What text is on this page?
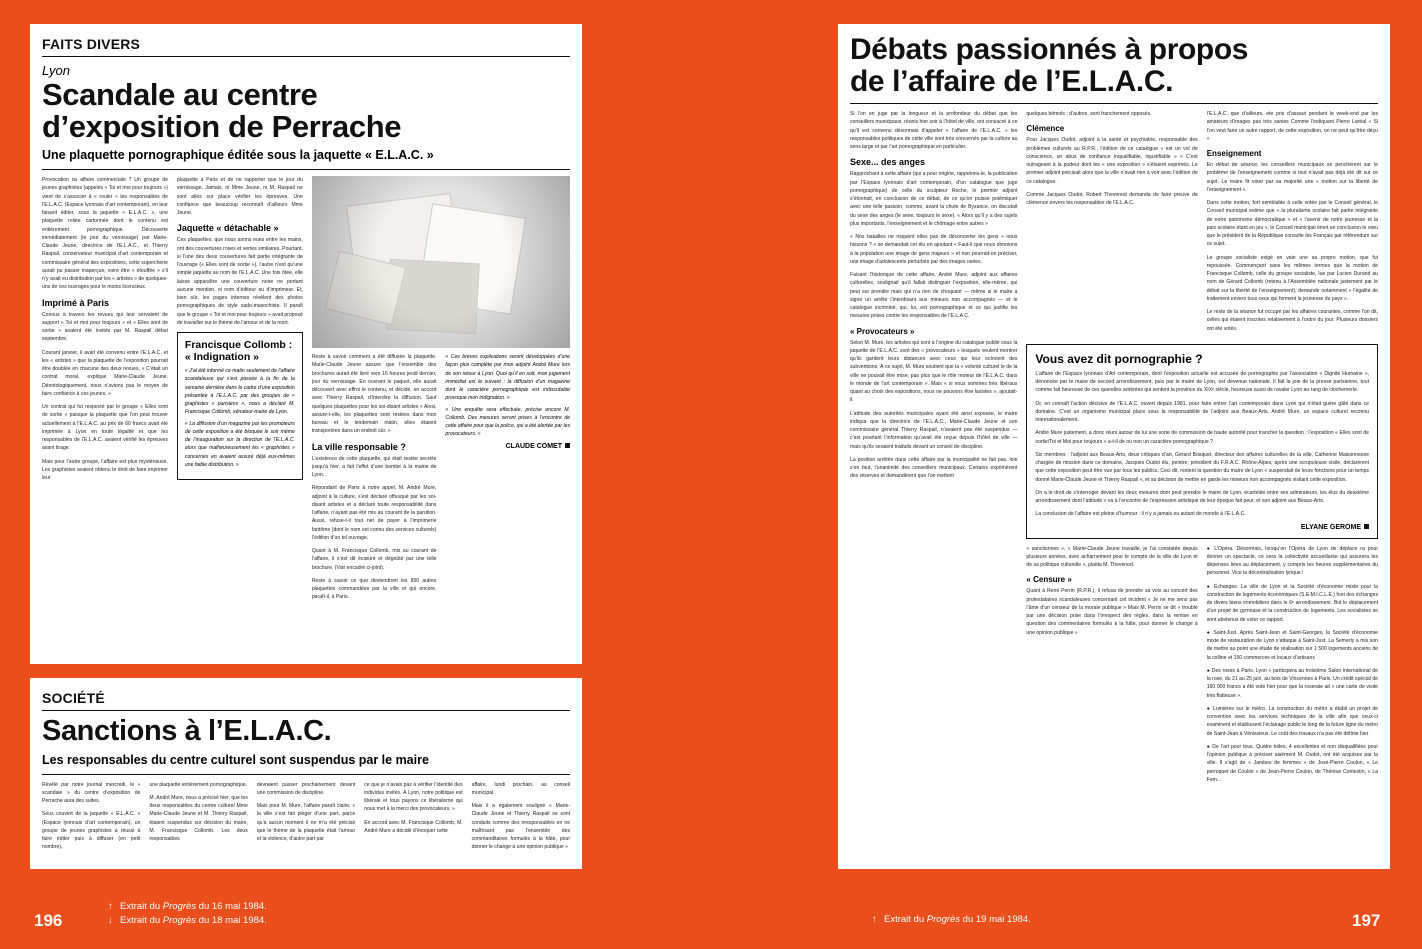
FAITS DIVERS
Lyon
Scandale au centre
d’exposition de Perrache
Une plaquette pornographique éditée sous la jaquette « E.L.A.C. »

Provocation ou affaire commerciale ? Un groupe de jeunes graphistes (appelés « Toi et moi pour toujours ») vient de s’associer à « rouler » les responsables de l’E.L.A.C. (Espace lyonnais d’art contemporain), en leur faisant éditer, sous la jaquette « E.L.A.C. », une plaquette reliée cartonnée dont le contenu est entièrement pornographique. Découverte immédiatement (le jour du vernissage) par Marie-Claude Jeune, directrice de l’E.L.A.C., et Thierry Raspail, conservateur municipal d’art contemporain et commissaire général des expositions, cette supercherie aurait pu passer inaperçue, voire être « étouffée » s’il n’y avait eu distribution par les « artistes » de quelques-uns de ces ouvrages pour le moins licencieux.

Imprimé à Paris

Connus à travers les revues qui leur servaient de support « Toi et moi pour toujours » et « Elles sont de sortie » avaient été invités par M. Raspail début septembre.

Courant janvier, il avait été convenu entre l’E.L.A.C. et les « artistes » que la plaquette de l’exposition pourrait être doublée en chacune des deux revues, « C’était un contrat moral, explique Marie-Claude Jeune. Déontologiquement, nous n’avions pas le moyen de faire confiance à ces jeunes. »

Un contrat qui fut respecté par le groupe « Elles sont de sortie » puisque la plaquette que l’on peut trouver actuellement à l’E.L.A.C. au prix de 60 francs avait été imprimée à Lyon en toute légalité et que les responsables de l’E.L.A.C. avaient vérifié les épreuves avant tirage.

Mais pour l’autre groupe, l’affaire est plus mystérieuse. Les graphistes avaient obtenu le droit de faire imprimer leur

plaquette à Paris et de ne rapporter que le jour du vernissage. Jamais, ni Mme Jeune, ni M. Raspail ne sont allés sur place vérifier les épreuves. Une confiance que beaucoup reconnaît d’ailleurs Mme Jeune.

Jaquette « détachable »

Ces plaquettes, que nous avons eues entre les mains, ont des couvertures roses et vertes similaires. Pourtant, si l’une des deux couvertures fait partie intégrante de l’ouvrage (« Elles sont de sortie »), l’autre n’est qu’une simple jaquette au nom de l’E.L.A.C. Une fois ôtée, elle laisse apparaître une couverture noire ne portant aucune mention, ni nom d’éditeur ou d’imprimeur. Et, bien sûr, les pages internes révèlent des photos pornographiques de style sado-masochiste. Il paraît que le groupe « Toi et moi pour toujours » avait proposé de travailler sur le thème de l’amour et de la mort.

Francisque Collomb : « Indignation »

« J’ai été informé ce matin seulement de l’affaire scandaleuse qui s’est passée à la fin de la semaine dernière dans le cadre d’une exposition présentée à l’E.L.A.C. par des groupes de « graphistes » parisiens », nous a déclaré M. Francisque Collomb, sénateur-maire de Lyon.

« La diffusion d’un magazine par les promoteurs de cette exposition a été bloquée le soir même de l’inauguration sur la direction de l’E.L.A.C. alors que malheureusement les « graphistes » concernés en avaient assuré déjà eux-mêmes une faible distribution. »

Reste à savoir comment a été diffusée la plaquette. Marie-Claude Jeune assure que l’ensemble des brochures aurait été livré vers 16 heures jeudi dernier, jour du vernissage. En ouvrant le paquet, elle aurait découvert avec effroi le contenu, et décidé, en accord avec Thierry Raspail, d’interdire la diffusion. Sauf quelques plaquettes pour les soi-disant artistes « Ainsi, assure-t-elle, les plaquettes sont restées dans mon bureau et le lendemain matin, elles étaient transportées dans un endroit sûr. »

La ville responsable ?

L’existence de cette plaquette, qui était restée secrète jusqu’à hier, a fait l’effet d’une bombe à la mairie de Lyon.

Répondant de Paris à notre appel, M. André Mure, adjoint à la culture, s’est déclaré offusqué par les soi-disant artistes et a déclaré toute responsabilité dans l’affaire, n’ayant pas été mis au courant de la parution. Aussi, refuse-t-il tout net de payer à l’imprimerie fantôme (dont le nom est connu des services culturels) l’édition d’un tel ouvrage.

Quant à M. Francisque Collomb, mis au courant de l’affaire, il s’est dit écœuré et dégoûté par une telle brochure. (Voir encadré ci-joint).

Reste à savoir ce que deviendront les 850 autres plaquettes commandées par la ville et qui encore, paraît-il, à Paris.

« Ces brèves explications seront développées d’une façon plus complète par mon adjoint André Mure lors de son retour à Lyon. Quoi qu’il en soit, mon jugement immédiat est le suivant : la diffusion d’un magazine dont le caractère pornographique est indiscutable provoque mon indignation. »

« Une enquête sera effectuée, précise encore M. Collomb. Des mesures seront prises à l’encontre de cette affaire pour que la police, qui a été alertée par les provocateurs. »

CLAUDE COMET
SOCIÉTÉ
Sanctions à l’E.L.A.C.
Les responsables du centre culturel sont suspendus par le maire

Révélé par notre journal mercredi, le « scandale » du centre d’exposition de Perrache aura des suites.

Sous couvert de la jaquette « E.L.A.C. » (Espace lyonnais d’art contemporain), un groupe de jeunes graphistes a réussi à faire éditer puis à diffuser (en petit nombre),

une plaquette entièrement pornographique.

M. André Mure, nous a précisé hier, que les deux responsables du centre culturel Mme Marie-Claude Jeune et M. Thierry Raspail, étaient suspendus sur décision du maire, M. Francisque Collomb. Les deux responsables

devraient passer prochainement devant une commission de discipline.

Mais pour M. Mure, l’affaire paraît claire, « la ville s’est fait piéger d’une part, parce qu’à aucun moment il ne m’a été précisé que le thème de la plaquette était l’amour et la violence, d’autre part par

ce que je n’avais pas à vérifier l’identité des individus invités. À Lyon, notre politique est libérale et tous payons ce libéralisme qui nous met à la merci des provocateurs. »

En accord avec M. Francisque Collomb, M. André Mure a décidé d’évoquer cette

affaire, lundi prochain, au conseil municipal.

Mais il a également souligné « Marie-Claude Jeune et Thierry Raspail se sont conduits comme des irresponsables en ne maîtrisant pas l’ensemble des commanditaires formulés à la hâte, pour donner le change à une opinion publique »

Débats passionnés à propos
de l’affaire de l’E.L.A.C.

Si l’on en juge par la longueur et la profondeur du débat que les conseillers municipaux, réunis hier soir à l’hôtel de ville, ont consacré à ce qu’il est convenu désormais d’appeler « l’affaire de l’E.L.A.C. » les responsables politiques de cette ville sont très concernés par la culture au sens large et par l’art pornographique en particulier.

Sexe... des anges

Rapprochant à cette affaire (qui a pour origine, rappelons-le, la publication par l’Espace lyonnais d’art contemporain, d’un catalogue que juge pornographique) de celle du sculpteur Roche, le premier adjoint s’étonnait, en conclusion de ce débat, de ce qu’on puisse polémiquer avec une telle passion, comme, avant la chute de Byzance, on discutait du sexe des anges (le sexe, toujours le sexe). « Alors qu’il y a des sujets plus importants, l’enseignement et le chômage entre autres »

« Nos batailles ne risquent elles pas de déconcerter les gens » nous hissons ? « se demandait cet élu en ajoutant « Faut-il que nous donnions à la population une image de gens majeurs » et non pourrait-on préciser, une image d’adolescents perturbés par des images osées.

Faisant l’historique de cette affaire, André Mure, adjoint aux affaires culturelles, soulignait qu’il fallait distinguer l’exposition, elle-même, qui peut sur prendre mais qui n’a rien de choquant — même si le maire a signé un arrêté l’interdisant aux mineurs non accompagnés — et le catalogue incriminé, qui, lui, est pornographique et ce qui justifie les mesures prises contre les responsables de l’E.L.A.C.

« Provocateurs »

Selon M. Mure, les artistes qui sont à l’origine du catalogue publié sous la jaquette de l’E.L.A.C. sont des « provocateurs » lesquels veulent montrer qu’ils gardent leurs distances avec ceux qui leur octroient des subventions. À ce sujet, M. Mure soutient que la « volonté culturel le de la ville ne pouvait être mise, pas plus que le rôle moteur de l’E.L.A.C. dans le monde de l’art contemporain ». Mais « si nous sommes très libéraux quant au choix des expositions, nous ne pouvons être laxistes », ajoutait-il.

L’attitude des autorités municipales ayant été ainsi exposée, le maire indiqua que la directrice de l’E.L.A.C., Marie-Claude Jeune et son commissaire général Thierry Raspail, n’avaient pas été suspendus — c’est pourtant l’information qu’avait été reçue depuis l’hôtel de ville — mais qu’ils seraient traduits devant un conseil de discipline.

La position arrêtée dans cette affaire par la municipalité ne fait pas, loin s’en faut, l’unanimité des conseillers municipaux. Certains exprimèrent des réserves et demandèrent que l’on mettent

quelques bémols : d’autres, sont franchement opposés.

Clémence

Pour Jacques Oudot, adjoint à la santé et psychiatrie, responsable des problèmes culturels au R.P.R., l’édition de ce catalogue « est un vol de conscience, un abus de confiance inqualifiable, injustifiable » « C’est outrageant à la pudeur dont les « une exposition » s’étaient exprimés. Le premier adjoint précisait alors que la ville n’avait rien à voir avec l’édition de ce catalogue.

Comme Jacques Oudot, Robert Thevenod demanda de faire preuve de clémence envers les responsables de l’E.L.A.C.

l’E.L.A.C. que d’ailleurs, ete pris d’assaut pendant le week-end par les amateurs d’images pas très sanies Comme l’indiquant Pierre Laréal « Si l’on veut faire un autre rapport, de cette exposition, on ne peut qu’être déçu »

Enseignement

En début de séance, les conseillers municipaux se penchèrent sur le problème de l’enseignement comme si tout n’avait pas déjà été dit sur ce sujet. Le maire fit voter par sa majorité une « motion sur la liberté de l’enseignement ».

Dans cette motion, fort semblable à celle votée par le Conseil général, le Conseil municipal estime que « la pluralisme scolaire fait partie intégrante de notre patrimoine démocratique » et « l’avenir de notre jeunesse et la paix scolaire étant en jeu », le Conseil municipal émet en conclusion le vœu que le président de la République consulte les Français par référendum sur ce sujet.

Le groupe socialiste exigé en vain une sa propre motion, que fut repoussée. Commençant sans les mêmes termes que la motion de Francisque Collomb, celle du groupe socialiste, lue par Lucien Durand au nom de Gérard Collomb (retenu à l’Assemblée nationale justement par le débat sur la liberté de l’enseignement), demande notamment « l’égalité de traitement envers tous ceux qui forment la jeunesse du pays ».

Le reste de la séance fut occupé par les affaires courantes, comme l’on dit, celles qui étaient inscrites relativement à l’ordre du jour. Plusieurs dossiers ont été votés.

Vous avez dit pornographie ?

L’affaire de l’Espace lyonnais d’Art contemporain, dont l’exposition actuelle est accusée de pornographie par l’association « Dignité Humaine », dénoncée par le maire de second arrondissement, puis par le maire de Lyon, est devenue nationale. Il fait la joie de la presse parisienne, tout comme fait heureuse de ces querelles arriérées qui sentent la province du XIXᵉ siècle, heureuse aussi de ravaler Lyon au rang de clochemerle.

Or, en connaît l’action décisive de l’E.L.A.C. ouvert depuis 1981, pour faire entrer l’art contemporain dans Lyon qui n’était guère gâté dans ce domaine. C’est un organisme municipal place sous la responsabilité de l’adjoint aux Beaux-Arts, André Mure, un espace culturel reconnu internationalement.

André Mure justement, a donc réuni autour de lui une sorte de commission de haute autorité pour trancher la question : l’exposition « Elles sont de sortie/Toi et Moi pour toujours » a-t-il de ou non un caractère pornographique ?

Six membres : l’adjoint aux Beaux-Arts, deux critiques d’art, Gérard Bosquet, directeur des affaires culturelles de la ville, Catherine Maisonneuve chargée de mission dans ce domaine, Jacques Oudot élu, peintre, président du F.R.A.C. Rhône-Alpes, après une scrupuleuse visite, déclarèrent que cette exposition peut être vue par tous les publics. Ceci dit, restent la question du maire de Lyon « suspendait de leurs fonctions pour un temps donné Marie-Claude Jeune et Thierry Raspail », et sa décision de mettre en garde les mineurs non accompagnés visitant cette exposition.

On a le droit de s’interroger devant les deux mesures dont peut prendre le maire de Lyon, écartelée entre ses admirateurs, les élus du deuxième arrondissement dont l’attitude « va à l’encontre de l’expression artistique de leur époque fait peur, et son adjoint aux Beaux-Arts.

La conclusion de l’affaire est pleine d’humour : il n’y a jamais eu autant de monde à l’E.L.A.C.

ELYANE GEROME

« sanctionnes », « Marie-Claude Jeune travaille, je l’ai constatée depuis plusieurs années, avec acharnement pour le compte de la ville de Lyon et de sa politique culturelle », plaida M. Thevenod.

« Censure »

Quant à René Perrin (R.P.R.), il refusa de prendre sa voix au concert des protestataires scandaleuses concernant cet incident « Je ne me sens pas l’âme d’un censeur de la morale publique » Mais M. Perrin se dit « troublé par une décision prise dans l’irrespect des règles, dans la remise en question des commentaires formulés à la hâte, pour donner le change à une opinion publique »

● L’Opéra. Désormais, lorsqu’on l’Opéra de Lyon de déplace ra pour donner un spectacle, ce sera la collectivité accueillante qui assurera les dépenses liées au déplacement, y compris les heures supplémentaires du personnel. Vice la décentralisation lyrique !

● Échanges. La ville de Lyon et la Société d’économie mixte pour la construction de logements économiques (S.E.M.I.C.L.E.) font des échanges de divers biens immobiliers dans le 6ᵉ arrondissement. But le déplacement d’un projet de gymnase et la construction de logements. Les socialistes se sont abstenus de voter ce rapport.

● Saint-Just. Après Saint-Jean et Saint-Georges, la Société d’économie mixte de restauration de Lyon s’attaque à Saint-Just. La Semerly a mis son de mettre au point une étude de réalisation sur 1 500 logements anciens de la colline et 150 commerces et locaux d’artisans

● Des roses à Paris. Lyon « participera au troisième Salon international de la rose, du 21 au 25 juin, au bois de Vincennes à Paris. Un crédit spécial de 160 000 francs a été voté hier pour que la roseraie ait « une carte de visite très flatteuse ».

● Lumières sur le métro. La construction du métro a établi un projet de convention avec les services techniques de la ville afin que ceux-ci examinent et établissent l’éclairage public le long de la future ligne du métro de Saint-Jean à Vénissieux. Le coût des travaux n’a pas été définie hier

● De l’art pour tous. Quatre toiles, 4 excellentes et non disqualifiées pour l’opinion publique à préciser aisément M. Oudot, ont été acquises par la ville. Il s’agit de « Jambes de femmes » de José-Pierre Coulon, « Le perroquet de Couloir » de Jean-Pierre Coulon, de Thérèse Contestin, « La Fem...

196
↑ Extrait du Progrès du 16 mai 1984.
↓ Extrait du Progrès du 18 mai 1984.	197
↑ Extrait du Progrès du 19 mai 1984.
